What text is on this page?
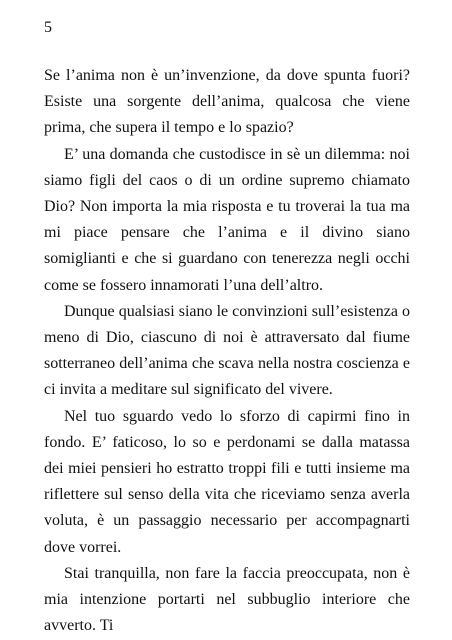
5

Se l’anima non è un’invenzione, da dove spunta fuori? Esiste una sorgente dell’anima, qualcosa che viene prima, che supera il tempo e lo spazio?

E’ una domanda che custodisce in sè un dilemma: noi siamo figli del caos o di un ordine supremo chiamato Dio? Non importa la mia risposta e tu troverai la tua ma mi piace pensare che l’anima e il divino siano somiglianti e che si guardano con tenerezza negli occhi come se fossero innamorati l’una dell’altro.

Dunque qualsiasi siano le convinzioni sull’esistenza o meno di Dio, ciascuno di noi è attraversato dal fiume sotterraneo dell’anima che scava nella nostra coscienza e ci invita a meditare sul significato del vivere.

Nel tuo sguardo vedo lo sforzo di capirmi fino in fondo. E’ faticoso, lo so e perdonami se dalla matassa dei miei pensieri ho estratto troppi fili e tutti insieme ma riflettere sul senso della vita che riceviamo senza averla voluta, è un passaggio necessario per accompagnarti dove vorrei.

Stai tranquilla, non fare la faccia preoccupata, non è mia intenzione portarti nel subbuglio interiore che avverto. Ti
